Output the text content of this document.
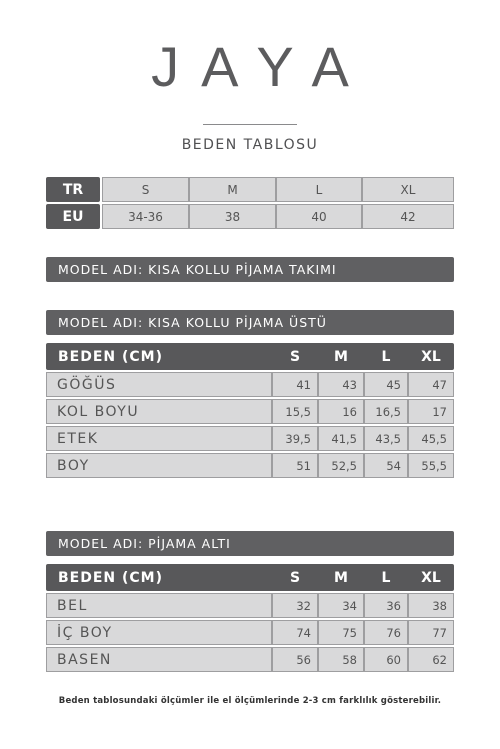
JAYA
BEDEN TABLOSU
TR	S	M	L	XL
EU	34-36	38	40	42
MODEL ADI: KISA KOLLU PİJAMA TAKIMI
MODEL ADI: KISA KOLLU PİJAMA ÜSTÜ
BEDEN (CM)	S	M	L	XL
GÖĞÜS	41	43	45	47
KOL BOYU	15,5	16	16,5	17
ETEK	39,5	41,5	43,5	45,5
BOY	51	52,5	54	55,5
MODEL ADI: PİJAMA ALTI
BEDEN (CM)	S	M	L	XL
BEL	32	34	36	38
İÇ BOY	74	75	76	77
BASEN	56	58	60	62
Beden tablosundaki ölçümler ile el ölçümlerinde 2-3 cm farklılık gösterebilir.
